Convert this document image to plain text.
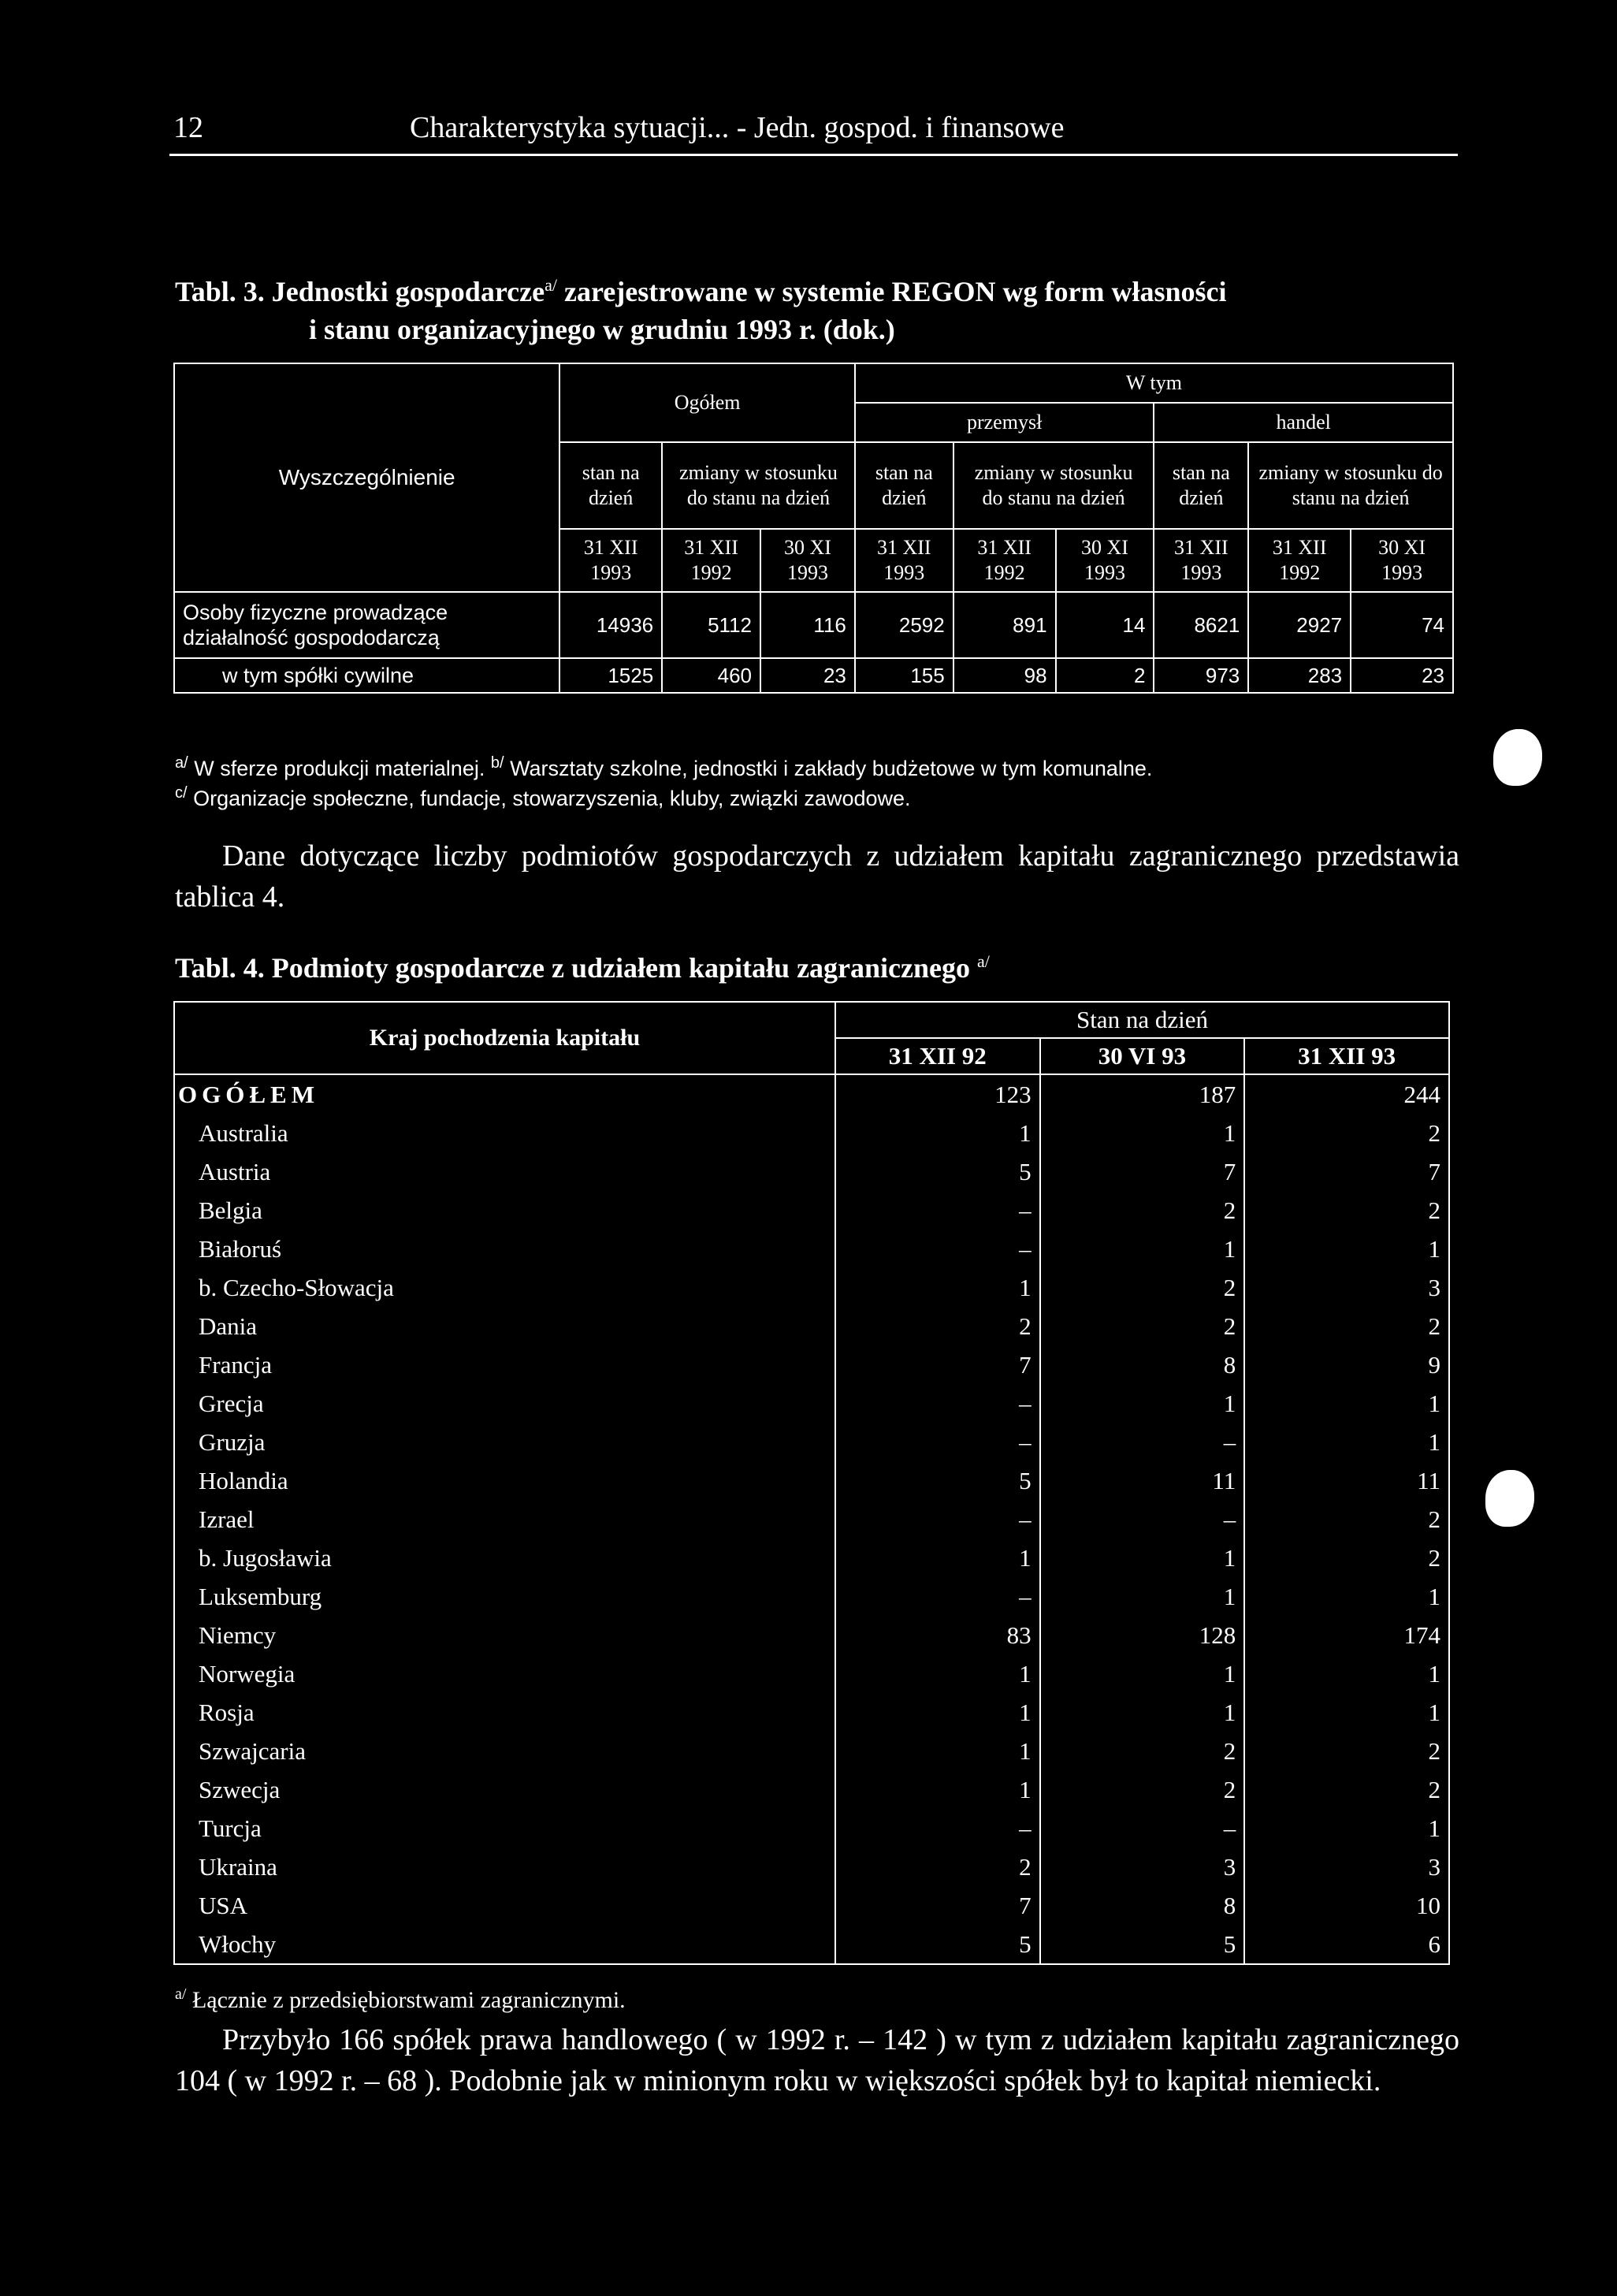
12	Charakterystyka sytuacji... - Jedn. gospod. i finansowe
Tabl. 3. Jednostki gospodarcze$^{a/}$ zarejestrowane w systemie REGON wg form własności
i stanu organizacyjnego w grudniu 1993 r. (dok.)
Wyszczególnienie	Ogółem			W tym					
				przemysł			handel		
	stan na dzień	zmiany w stosunku do stanu na dzień		stan na dzień	zmiany w stosunku do stanu na dzień		stan na dzień	zmiany w stosunku do stanu na dzień	
	31 XII 1993	31 XII 1992	30 XI 1993	31 XII 1993	31 XII 1992	30 XI 1993	31 XII 1993	31 XII 1992	30 XI 1993
Osoby fizyczne prowadzące działalność gospododarczą	14936	5112	116	2592	891	14	8621	2927	74
w tym spółki cywilne	1525	460	23	155	98	2	973	283	23
$^{a/}$ W sferze produkcji materialnej. $^{b/}$ Warsztaty szkolne, jednostki i zakłady budżetowe w tym komunalne.
$^{c/}$ Organizacje społeczne, fundacje, stowarzyszenia, kluby, związki zawodowe.
Dane dotyczące liczby podmiotów gospodarczych z udziałem kapitału zagranicznego przedstawia tablica 4.
Tabl. 4. Podmioty gospodarcze z udziałem kapitału zagranicznego $^{a/}$
Kraj pochodzenia kapitału	Stan na dzień		
	31 XII 92	30 VI 93	31 XII 93
OGÓŁEM	123	187	244
Australia	1	1	2
Austria	5	7	7
Belgia	–	2	2
Białoruś	–	1	1
b. Czecho-Słowacja	1	2	3
Dania	2	2	2
Francja	7	8	9
Grecja	–	1	1
Gruzja	–	–	1
Holandia	5	11	11
Izrael	–	–	2
b. Jugosławia	1	1	2
Luksemburg	–	1	1
Niemcy	83	128	174
Norwegia	1	1	1
Rosja	1	1	1
Szwajcaria	1	2	2
Szwecja	1	2	2
Turcja	–	–	1
Ukraina	2	3	3
USA	7	8	10
Włochy	5	5	6
$^{a/}$ Łącznie z przedsiębiorstwami zagranicznymi.
Przybyło 166 spółek prawa handlowego ( w 1992 r. – 142 ) w tym z udziałem kapitału zagranicznego 104 ( w 1992 r. – 68 ). Podobnie jak w minionym roku w większości spółek był to kapitał niemiecki.
